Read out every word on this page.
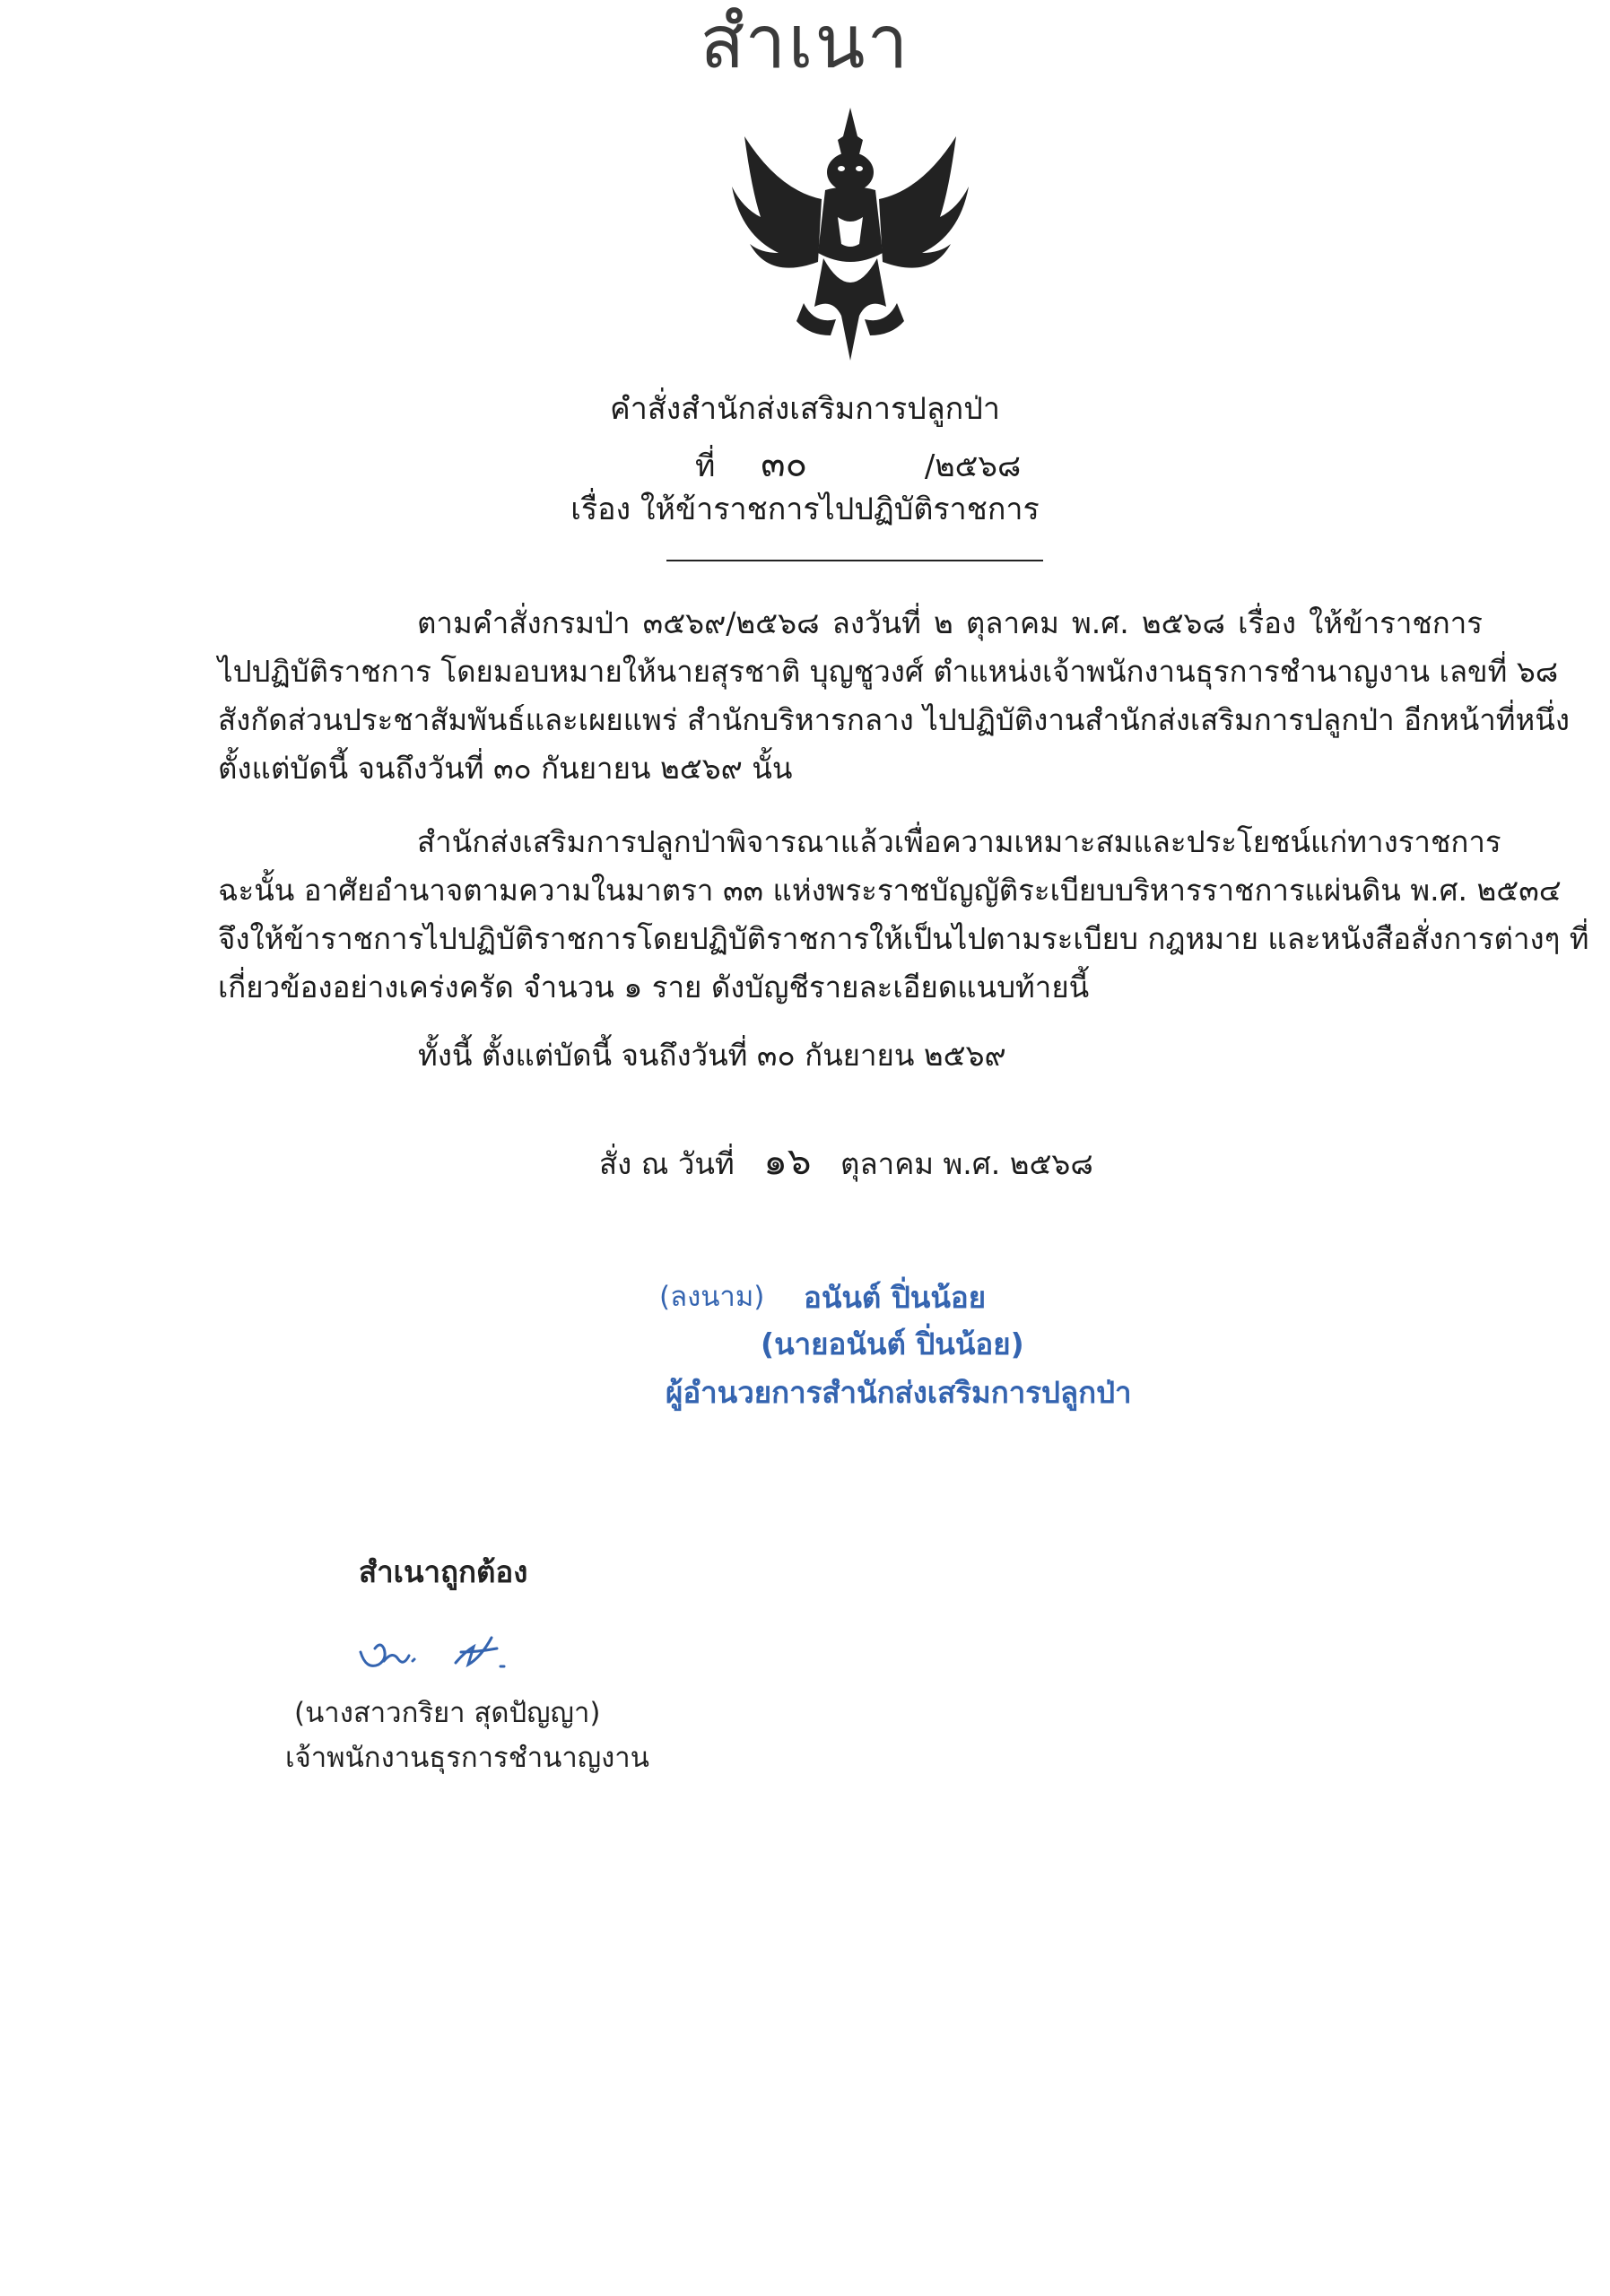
สำเนา
คำสั่งสำนักส่งเสริมการปลูกป่า
ที่ ๓๐	/๒๕๖๘
เรื่อง ให้ข้าราชการไปปฏิบัติราชการ
ตามคำสั่งกรมป่า ๓๕๖๙/๒๕๖๘ ลงวันที่ ๒ ตุลาคม พ.ศ. ๒๕๖๘ เรื่อง ให้ข้าราชการ
ไปปฏิบัติราชการ โดยมอบหมายให้นายสุรชาติ บุญชูวงศ์ ตำแหน่งเจ้าพนักงานธุรการชำนาญงาน เลขที่ ๖๘
สังกัดส่วนประชาสัมพันธ์และเผยแพร่ สำนักบริหารกลาง ไปปฏิบัติงานสำนักส่งเสริมการปลูกป่า อีกหน้าที่หนึ่ง
ตั้งแต่บัดนี้ จนถึงวันที่ ๓๐ กันยายน ๒๕๖๙ นั้น
สำนักส่งเสริมการปลูกป่าพิจารณาแล้วเพื่อความเหมาะสมและประโยชน์แก่ทางราชการ
ฉะนั้น อาศัยอำนาจตามความในมาตรา ๓๓ แห่งพระราชบัญญัติระเบียบบริหารราชการแผ่นดิน พ.ศ. ๒๕๓๔
จึงให้ข้าราชการไปปฏิบัติราชการโดยปฏิบัติราชการให้เป็นไปตามระเบียบ กฎหมาย และหนังสือสั่งการต่างๆ ที่
เกี่ยวข้องอย่างเคร่งครัด จำนวน ๑ ราย ดังบัญชีรายละเอียดแนบท้ายนี้
ทั้งนี้ ตั้งแต่บัดนี้ จนถึงวันที่ ๓๐ กันยายน ๒๕๖๙
สั่ง ณ วันที่ ๑๖ ตุลาคม พ.ศ. ๒๕๖๘
(ลงนาม) อนันต์ ปิ่นน้อย
(นายอนันต์ ปิ่นน้อย)
ผู้อำนวยการสำนักส่งเสริมการปลูกป่า
สำเนาถูกต้อง
(นางสาวกริยา สุดปัญญา)
เจ้าพนักงานธุรการชำนาญงาน
